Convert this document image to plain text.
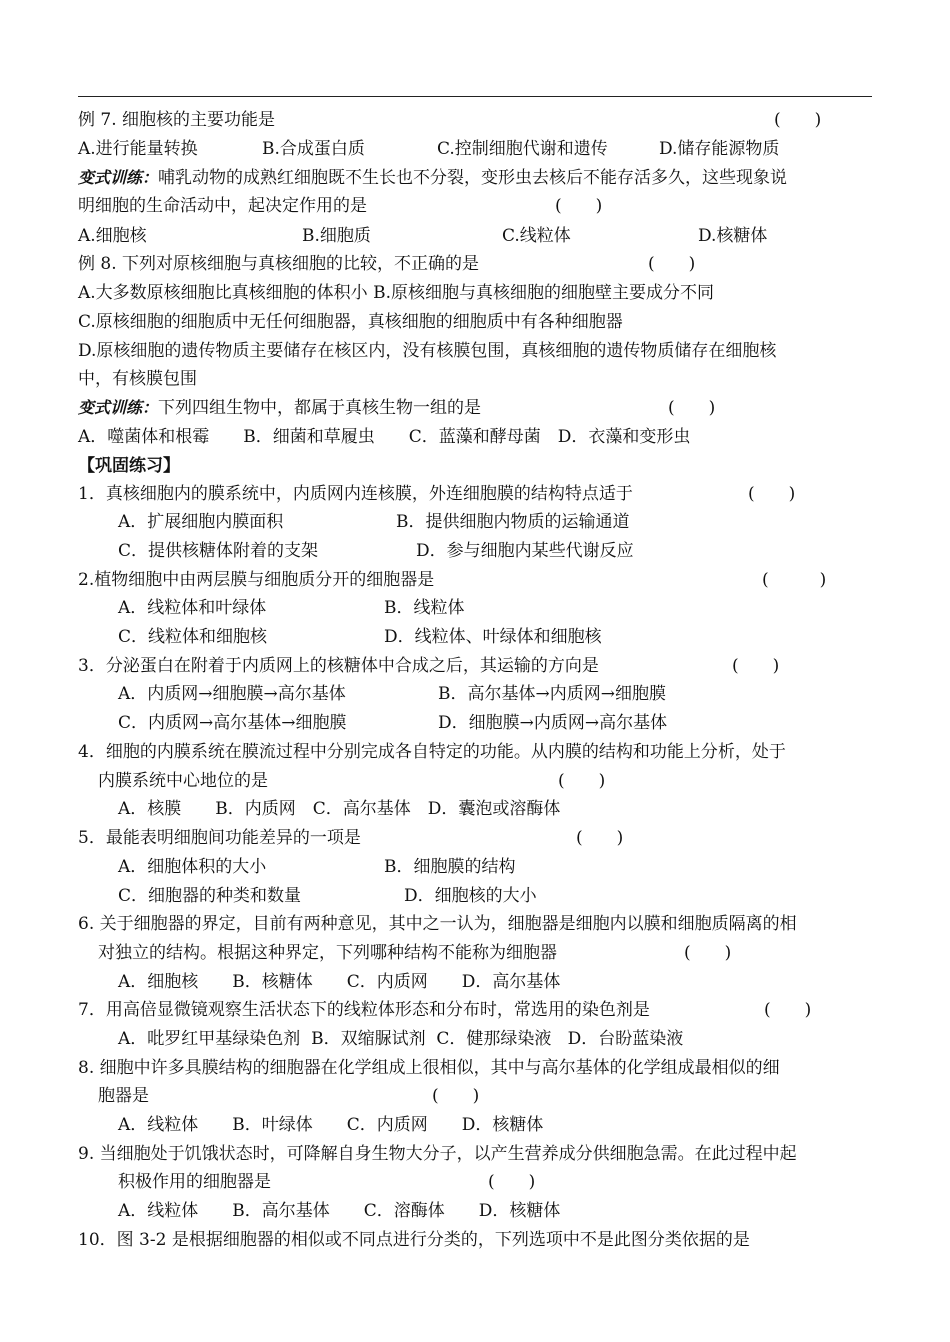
例 7. 细胞核的主要功能是	(　　)
A.进行能量转换	B.合成蛋白质	C.控制细胞代谢和遗传	D.储存能源物质
变式训练：哺乳动物的成熟红细胞既不生长也不分裂，变形虫去核后不能存活多久，这些现象说
明细胞的生命活动中，起决定作用的是	(　　)
A.细胞核	B.细胞质	C.线粒体	D.核糖体
例 8. 下列对原核细胞与真核细胞的比较，不正确的是	(　　)
A.大多数原核细胞比真核细胞的体积小 B.原核细胞与真核细胞的细胞壁主要成分不同
C.原核细胞的细胞质中无任何细胞器，真核细胞的细胞质中有各种细胞器
D.原核细胞的遗传物质主要储存在核区内，没有核膜包围，真核细胞的遗传物质储存在细胞核
中，有核膜包围
变式训练：下列四组生物中，都属于真核生物一组的是	(　　)
A．噬菌体和根霉　　B．细菌和草履虫　　C．蓝藻和酵母菌　D．衣藻和变形虫
【巩固练习】
1．真核细胞内的膜系统中，内质网内连核膜，外连细胞膜的结构特点适于	(　　)
A．扩展细胞内膜面积	B．提供细胞内物质的运输通道
C．提供核糖体附着的支架	D．参与细胞内某些代谢反应
2.植物细胞中由两层膜与细胞质分开的细胞器是	(　　　)
A．线粒体和叶绿体	B．线粒体
C．线粒体和细胞核	D．线粒体、叶绿体和细胞核
3．分泌蛋白在附着于内质网上的核糖体中合成之后，其运输的方向是	(　　)
A．内质网→细胞膜→高尔基体	B．高尔基体→内质网→细胞膜
C．内质网→高尔基体→细胞膜	D．细胞膜→内质网→高尔基体
4．细胞的内膜系统在膜流过程中分别完成各自特定的功能。从内膜的结构和功能上分析，处于
内膜系统中心地位的是	(　　)
A．核膜　　B．内质网　C．高尔基体　D．囊泡或溶酶体
5．最能表明细胞间功能差异的一项是	(　　)
A．细胞体积的大小	B．细胞膜的结构
C．细胞器的种类和数量	D．细胞核的大小
6. 关于细胞器的界定，目前有两种意见，其中之一认为，细胞器是细胞内以膜和细胞质隔离的相
对独立的结构。根据这种界定，下列哪种结构不能称为细胞器	(　　)
A．细胞核　　B．核糖体　　C．内质网　　D．高尔基体
7．用高倍显微镜观察生活状态下的线粒体形态和分布时，常选用的染色剂是	(　　)
A．吡罗红甲基绿染色剂  B．双缩脲试剂  C．健那绿染液   D．台盼蓝染液
8. 细胞中许多具膜结构的细胞器在化学组成上很相似，其中与高尔基体的化学组成最相似的细
胞器是	(　　)
A．线粒体　　B．叶绿体　　C．内质网　　D．核糖体
9. 当细胞处于饥饿状态时，可降解自身生物大分子，以产生营养成分供细胞急需。在此过程中起
积极作用的细胞器是	(　　)
A．线粒体　　B．高尔基体　　C．溶酶体　　D．核糖体
10．图 3-2 是根据细胞器的相似或不同点进行分类的，下列选项中不是此图分类依据的是
